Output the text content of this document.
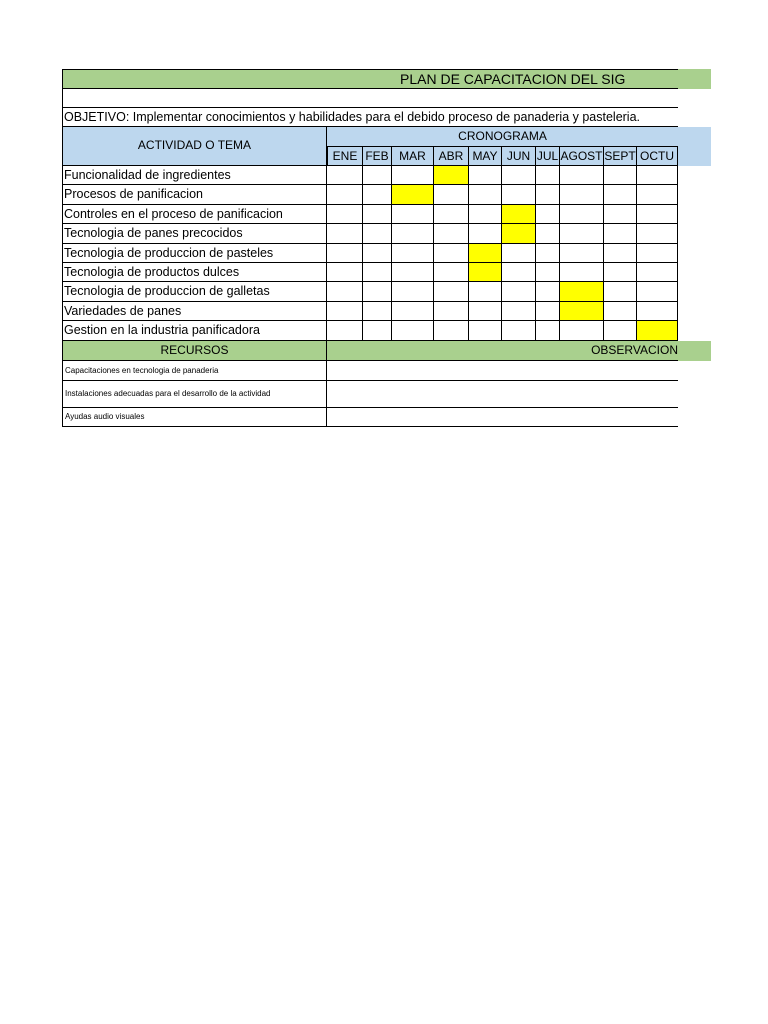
PLAN DE CAPACITACION DEL SIG
OBJETIVO: Implementar conocimientos y habilidades para el debido proceso de panaderia y pasteleria.
ACTIVIDAD O TEMA
CRONOGRAMA
ENE FEB MAR	ABR MAY JUN JUL AGOST SEPT OCTU
Funcionalidad de ingredientes
Procesos de panificacion
Controles en el proceso de panificacion
Tecnologia de panes precocidos
Tecnologia de produccion de pasteles
Tecnologia de productos dulces
Tecnologia de produccion de galletas
Variedades de panes
Gestion en la industria panificadora
RECURSOS	OBSERVACION
Capacitaciones en tecnologia de panaderia
Instalaciones adecuadas para el desarrollo de la actividad
Ayudas audio visuales
